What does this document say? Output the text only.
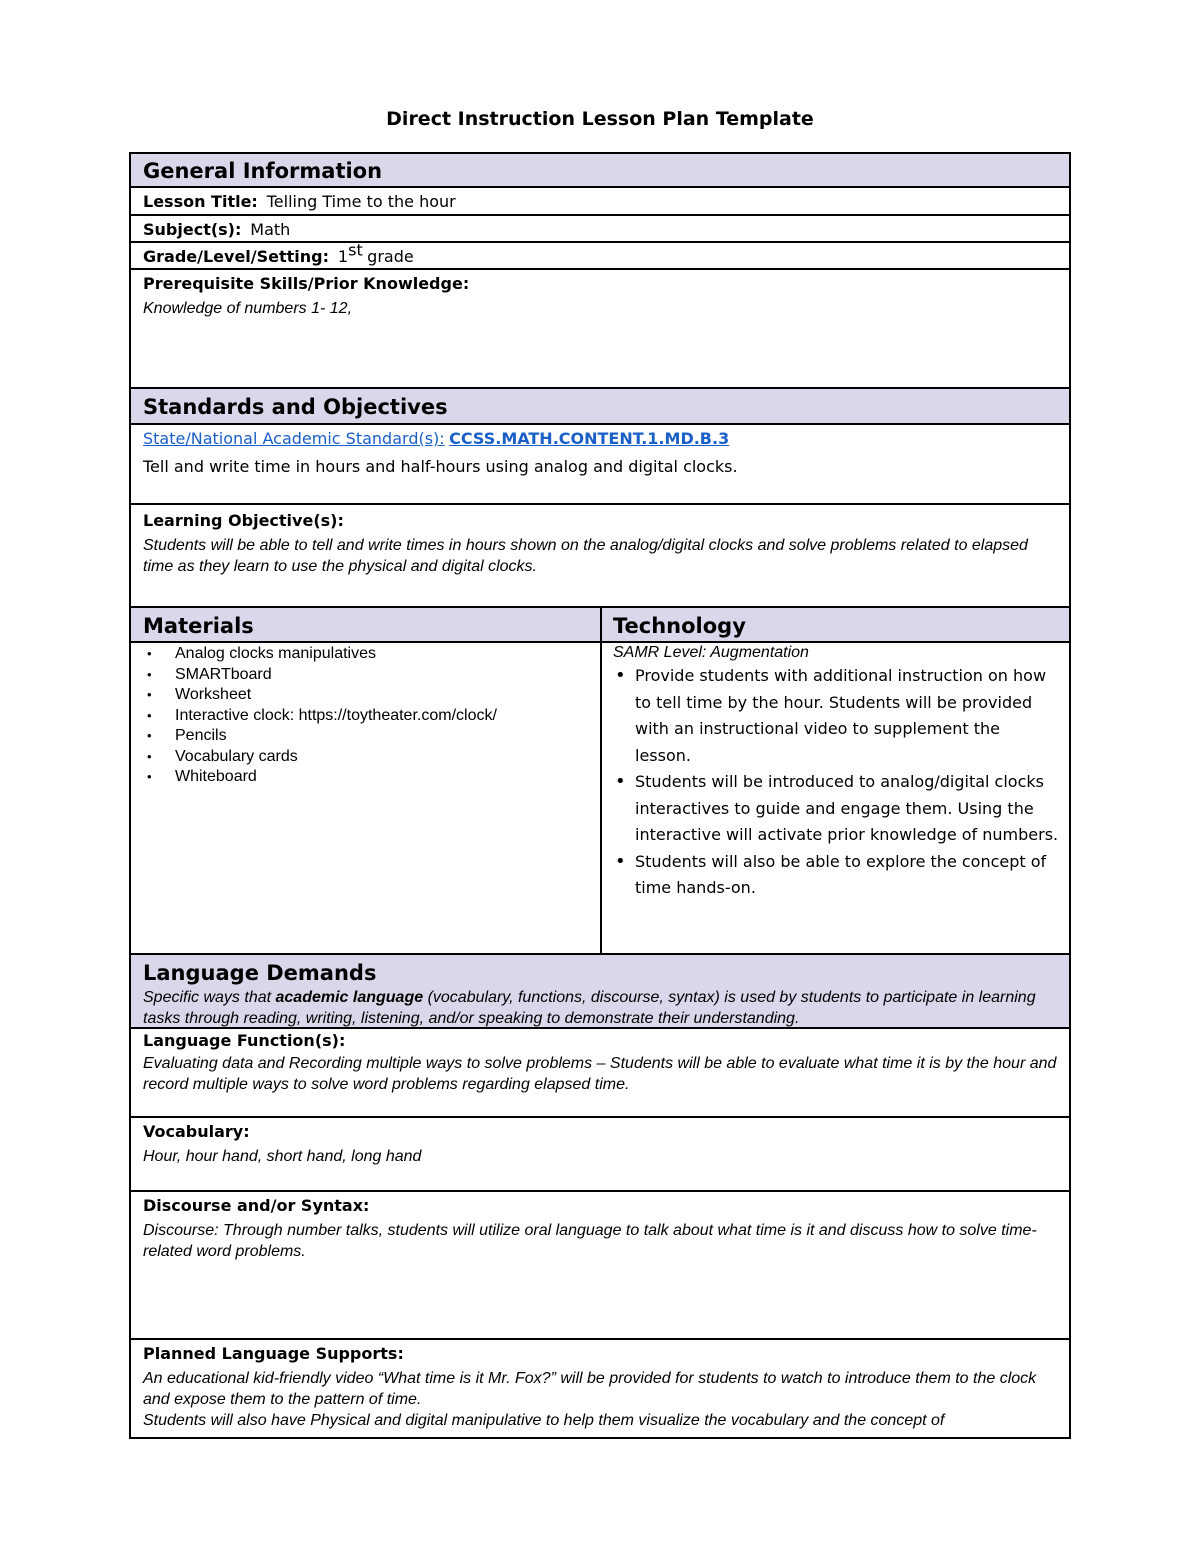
Direct Instruction Lesson Plan Template
General Information
Lesson Title: Telling Time to the hour
Subject(s): Math
Grade/Level/Setting: 1st grade
Prerequisite Skills/Prior Knowledge:
Knowledge of numbers 1- 12,
Standards and Objectives
State/National Academic Standard(s): CCSS.MATH.CONTENT.1.MD.B.3
Tell and write time in hours and half-hours using analog and digital clocks.
Learning Objective(s):
Students will be able to tell and write times in hours shown on the analog/digital clocks and solve problems related to elapsed time as they learn to use the physical and digital clocks.
Materials	Technology
• Analog clocks manipulatives
• SMARTboard
• Worksheet
• Interactive clock: https://toytheater.com/clock/
• Pencils
• Vocabulary cards
• Whiteboard
SAMR Level: Augmentation
• Provide students with additional instruction on how to tell time by the hour. Students will be provided with an instructional video to supplement the lesson.
• Students will be introduced to analog/digital clocks interactives to guide and engage them. Using the interactive will activate prior knowledge of numbers.
• Students will also be able to explore the concept of time hands-on.
Language Demands
Specific ways that academic language (vocabulary, functions, discourse, syntax) is used by students to participate in learning tasks through reading, writing, listening, and/or speaking to demonstrate their understanding.
Language Function(s):
Evaluating data and Recording multiple ways to solve problems – Students will be able to evaluate what time it is by the hour and record multiple ways to solve word problems regarding elapsed time.
Vocabulary:
Hour, hour hand, short hand, long hand
Discourse and/or Syntax:
Discourse: Through number talks, students will utilize oral language to talk about what time is it and discuss how to solve time-related word problems.
Planned Language Supports:
An educational kid-friendly video “What time is it Mr. Fox?” will be provided for students to watch to introduce them to the clock and expose them to the pattern of time.
Students will also have Physical and digital manipulative to help them visualize the vocabulary and the concept of
